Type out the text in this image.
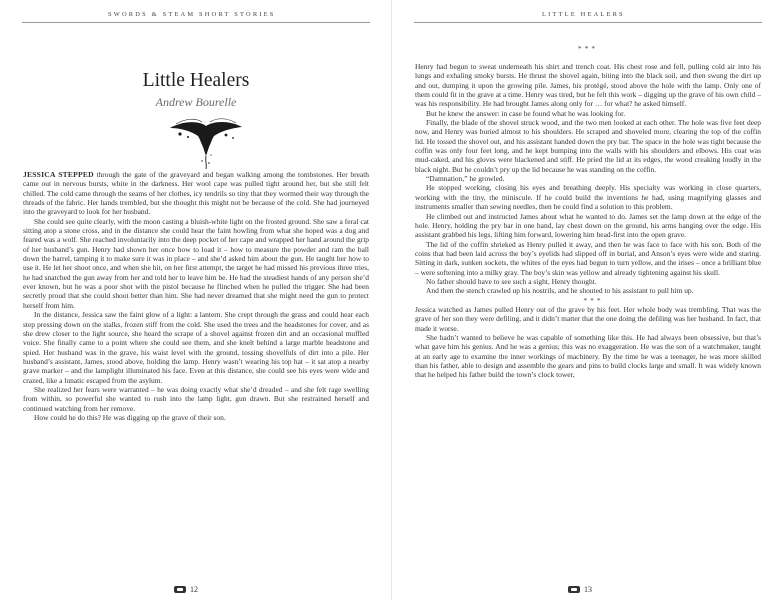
SWORDS & STEAM SHORT STORIES
Little Healers
Andrew Bourelle

JESSICA STEPPED through the gate of the graveyard and began walking among the tombstones. Her breath came out in nervous bursts, white in the darkness. Her wool cape was pulled tight around her, but she still felt chilled. The cold came through the seams of her clothes, icy tendrils so tiny that they wormed their way through the threads of the fabric. Her hands trembled, but she thought this might not be because of the cold. She had journeyed into the graveyard to look for her husband.

She could see quite clearly, with the moon casting a bluish-white light on the frosted ground. She saw a feral cat sitting atop a stone cross, and in the distance she could hear the faint howling from what she hoped was a dog and feared was a wolf. She reached involuntarily into the deep pocket of her cape and wrapped her hand around the grip of her husband’s gun. Henry had shown her once how to load it – how to measure the powder and ram the ball down the barrel, tamping it to make sure it was in place – and she’d asked him about the gun. He taught her how to use it. He let her shoot once, and when she hit, on her first attempt, the target he had missed his previous three tries, he had snatched the gun away from her and told her to leave him be. He had the steadiest hands of any person she’d ever known, but he was a poor shot with the pistol because he flinched when he pulled the trigger. She had been secretly proud that she could shoot better than him. She had never dreamed that she might need the gun to protect herself from him.

In the distance, Jessica saw the faint glow of a light: a lantern. She crept through the grass and could hear each step pressing down on the stalks, frozen stiff from the cold. She used the trees and the headstones for cover, and as she drew closer to the light source, she heard the scrape of a shovel against frozen dirt and an occasional muffled voice. She finally came to a point where she could see them, and she knelt behind a large marble headstone and spied. Her husband was in the grave, his waist level with the ground, tossing shovelfuls of dirt into a pile. Her husband’s assistant, James, stood above, holding the lamp. Henry wasn’t wearing his top hat – it sat atop a nearby grave marker – and the lamplight illuminated his face. Even at this distance, she could see his eyes were wide and crazed, like a lunatic escaped from the asylum.

She realized her fears were warranted – he was doing exactly what she’d dreaded – and she felt rage swelling from within, so powerful she wanted to rush into the lamp light, gun drawn. But she restrained herself and continued watching from her remove.

How could he do this? He was digging up the grave of their son.

12
LITTLE HEALERS
***

Henry had begun to sweat underneath his shirt and trench coat. His chest rose and fell, pulling cold air into his lungs and exhaling smoky bursts. He thrust the shovel again, biting into the black soil, and then swung the dirt up and out, dumping it upon the growing pile. James, his protégé, stood above the hole with the lamp. Only one of them could fit in the grave at a time. Henry was tired, but he felt this work – digging up the grave of his own child – was his responsibility. He had brought James along only for … for what? he asked himself.

But he knew the answer: in case he found what he was looking for.

Finally, the blade of the shovel struck wood, and the two men looked at each other. The hole was five feet deep now, and Henry was buried almost to his shoulders. He scraped and shoveled more, clearing the top of the coffin lid. He tossed the shovel out, and his assistant handed down the pry bar. The space in the hole was tight because the coffin was only four feet long, and he kept bumping into the walls with his shoulders and elbows. His coat was mud-caked, and his gloves were blackened and stiff. He pried the lid at its edges, the wood creaking loudly in the black night. But he couldn’t pry up the lid because he was standing on the coffin.

“Damnation,” he growled.

He stopped working, closing his eyes and breathing deeply. His specialty was working in close quarters, working with the tiny, the miniscule. If he could build the inventions he had, using magnifying glasses and instruments smaller than sewing needles, then he could find a solution to this problem.

He climbed out and instructed James about what he wanted to do. James set the lamp down at the edge of the hole. Henry, holding the pry bar in one hand, lay chest down on the ground, his arms hanging over the edge. His assistant grabbed his legs, lifting him forward, lowering him head-first into the open grave.

The lid of the coffin shrieked as Henry pulled it away, and then he was face to face with his son. Both of the coins that had been laid across the boy’s eyelids had slipped off in burial, and Anson’s eyes were wide and staring. Sitting in dark, sunken sockets, the whites of the eyes had begun to turn yellow, and the irises – once a brilliant blue – were softening into a milky gray. The boy’s skin was yellow and already tightening against his skull.

No father should have to see such a sight, Henry thought.

And then the stench crawled up his nostrils, and he shouted to his assistant to pull him up.

***

Jessica watched as James pulled Henry out of the grave by his feet. Her whole body was trembling. That was the grave of her son they were defiling, and it didn’t matter that the one doing the defiling was her husband. In fact, that made it worse.

She hadn’t wanted to believe he was capable of something like this. He had always been obsessive, but that’s what gave him his genius. And he was a genius; this was no exaggeration. He was the son of a watchmaker, taught at an early age to examine the inner workings of machinery. By the time he was a teenager, he was more skilled than his father, able to design and assemble the gears and pins to build clocks large and small. It was widely known that he helped his father build the town’s clock tower,

13
